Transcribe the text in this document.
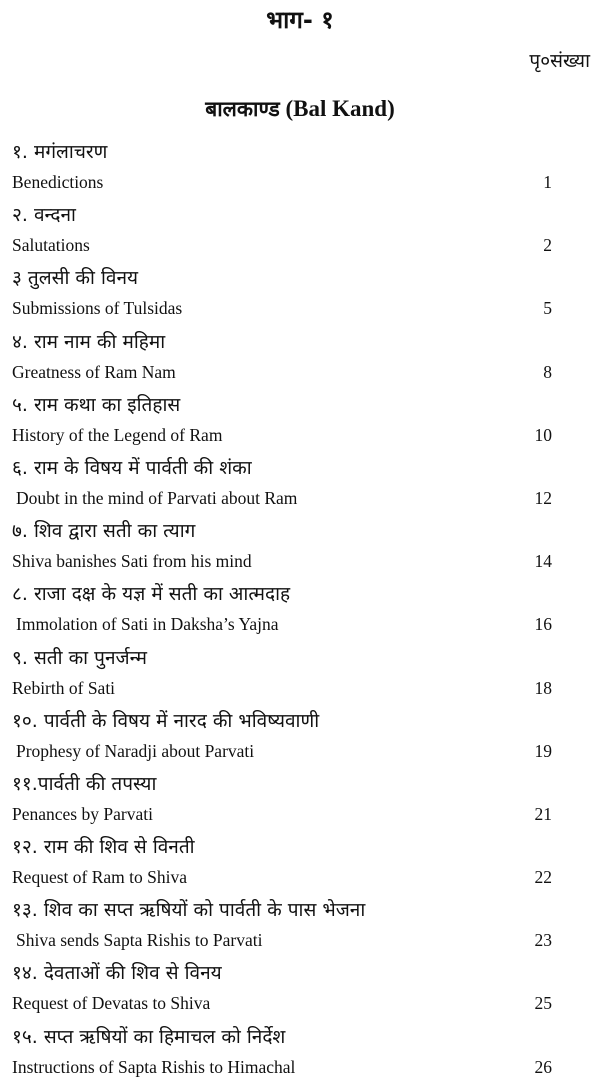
भाग- १
पृ०संख्या
बालकाण्ड (Bal Kand)
१. मगंलाचरण
Benedictions	1
२. वन्दना
Salutations	2
३ तुलसी की विनय
Submissions of Tulsidas	5
४. राम नाम की महिमा
Greatness of Ram Nam	8
५. राम कथा का इतिहास
History of the Legend of Ram	10
६. राम के विषय में पार्वती की शंका
Doubt in the mind of Parvati about Ram	12
७. शिव द्वारा सती का त्याग
Shiva banishes Sati from his mind	14
८. राजा दक्ष के यज्ञ में सती का आत्मदाह
Immolation of Sati in Daksha’s Yajna	16
९. सती का पुनर्जन्म
Rebirth of Sati	18
१०. पार्वती के विषय में नारद की भविष्यवाणी
Prophesy of Naradji about Parvati	19
११.पार्वती की तपस्या
Penances by Parvati	21
१२. राम की शिव से विनती
Request of Ram to Shiva	22
१३. शिव का सप्त ऋषियों को पार्वती के पास भेजना
Shiva sends Sapta Rishis to Parvati	23
१४. देवताओं की शिव से विनय
Request of Devatas to Shiva	25
१५. सप्त ऋषियों का हिमाचल को निर्देश
Instructions of Sapta Rishis to Himachal	26
